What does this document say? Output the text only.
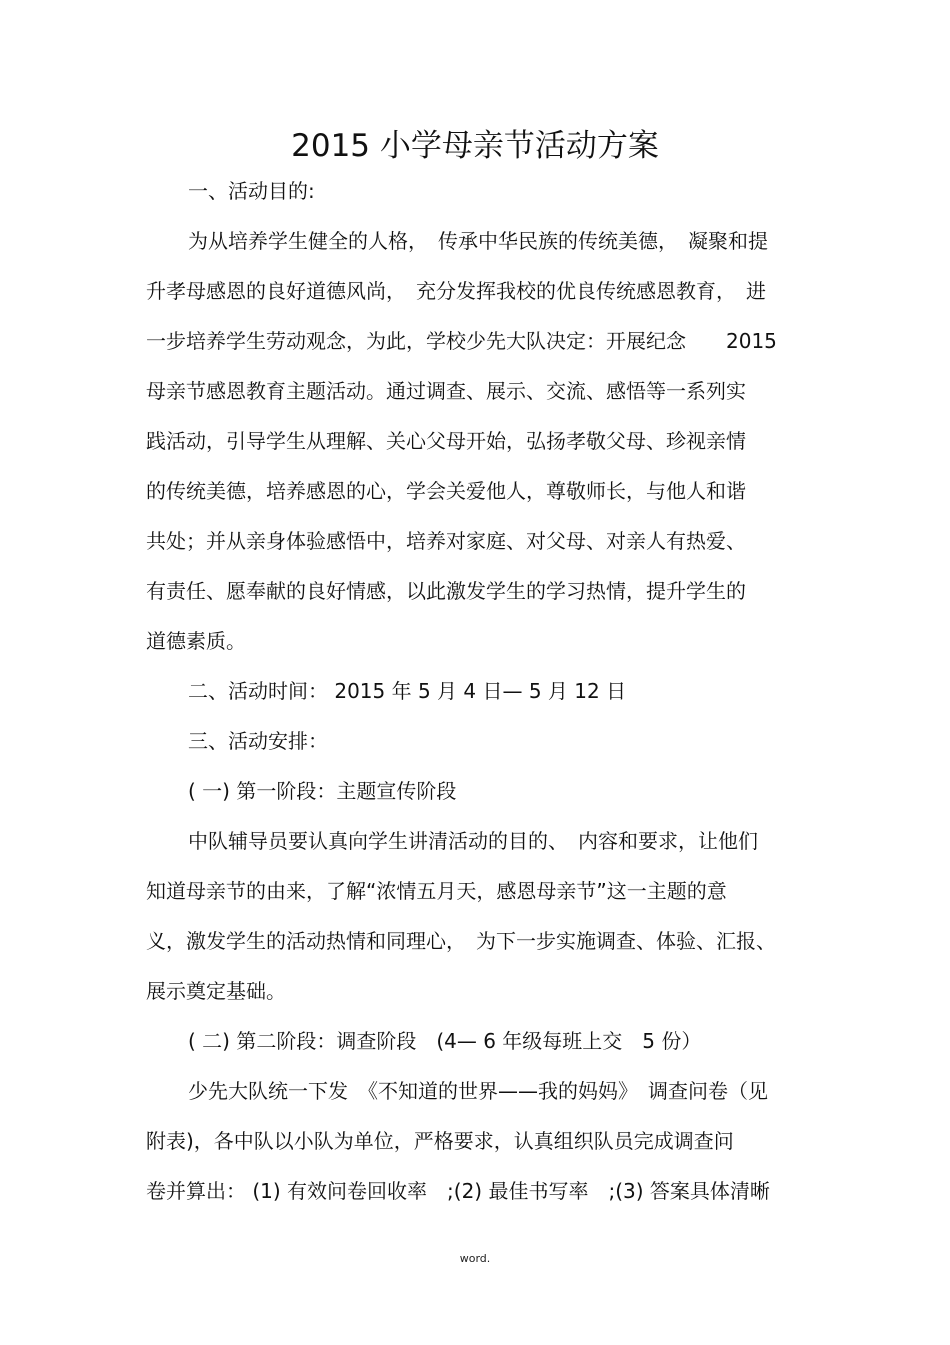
2015 小学母亲节活动方案
一、活动目的:
为从培养学生健全的人格，　传承中华民族的传统美德，　凝聚和提
升孝母感恩的良好道德风尚，　充分发挥我校的优良传统感恩教育，　进
一步培养学生劳动观念，为此，学校少先大队决定：开展纪念　　2015
母亲节感恩教育主题活动。通过调查、展示、交流、感悟等一系列实
践活动，引导学生从理解、关心父母开始，弘扬孝敬父母、珍视亲情
的传统美德，培养感恩的心，学会关爱他人，尊敬师长，与他人和谐
共处；并从亲身体验感悟中，培养对家庭、对父母、对亲人有热爱、
有责任、愿奉献的良好情感，以此激发学生的学习热情，提升学生的
道德素质。
二、活动时间： 2015 年 5 月 4 日— 5 月 12 日
三、活动安排：
( 一) 第一阶段：主题宣传阶段
中队辅导员要认真向学生讲清活动的目的、　内容和要求，让他们
知道母亲节的由来，了解“浓情五月天，感恩母亲节”这一主题的意
义，激发学生的活动热情和同理心，　为下一步实施调查、体验、汇报、
展示奠定基础。
( 二) 第二阶段：调查阶段　(4— 6 年级每班上交　5 份）
少先大队统一下发　《不知道的世界——我的妈妈》　调查问卷（见
附表)，各中队以小队为单位，严格要求，认真组织队员完成调查问
卷并算出： (1) 有效问卷回收率　;(2) 最佳书写率　;(3) 答案具体清晰
word.
